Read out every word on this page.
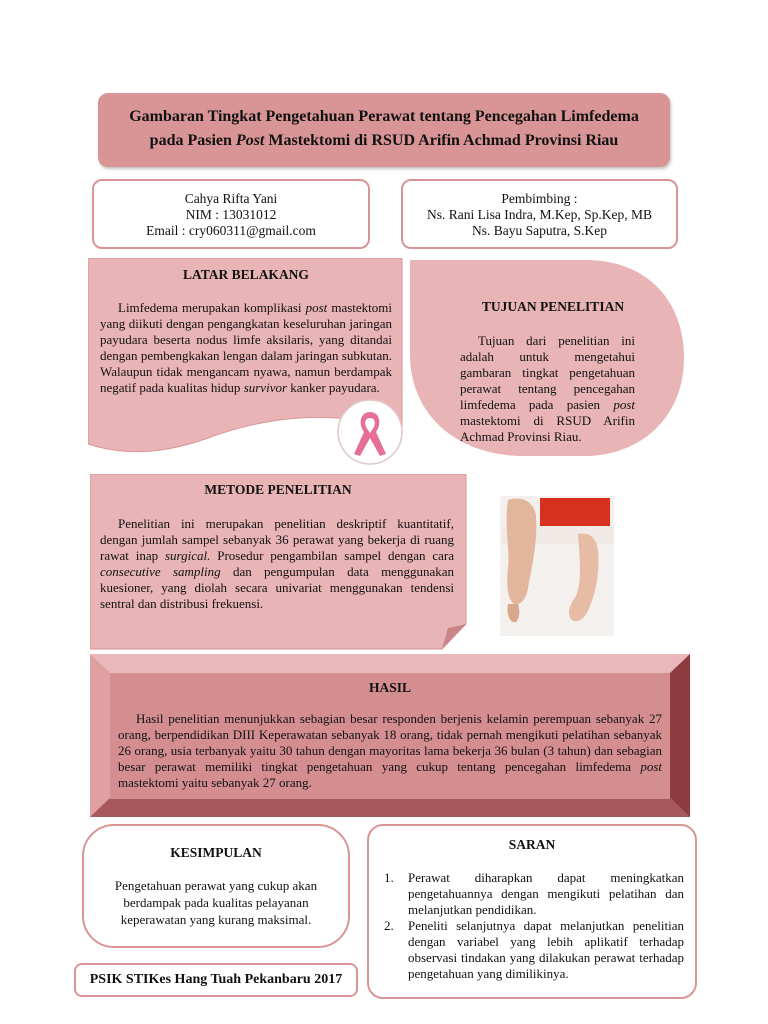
Gambaran Tingkat Pengetahuan Perawat tentang Pencegahan Limfedema
pada Pasien Post Mastektomi di RSUD Arifin Achmad Provinsi Riau
Cahya Rifta Yani
NIM : 13031012
Email : cry060311@gmail.com
Pembimbing :
Ns. Rani Lisa Indra, M.Kep, Sp.Kep, MB
Ns. Bayu Saputra, S.Kep
LATAR BELAKANG
Limfedema merupakan komplikasi post mastektomi yang diikuti dengan pengangkatan keseluruhan jaringan payudara beserta nodus limfe aksilaris, yang ditandai dengan pembengkakan lengan dalam jaringan subkutan. Walaupun tidak mengancam nyawa, namun berdampak negatif pada kualitas hidup survivor kanker payudara.
TUJUAN PENELITIAN
Tujuan dari penelitian ini adalah untuk mengetahui gambaran tingkat pengetahuan perawat tentang pencegahan limfedema pada pasien post mastektomi di RSUD Arifin Achmad Provinsi Riau.
METODE PENELITIAN
Penelitian ini merupakan penelitian deskriptif kuantitatif, dengan jumlah sampel sebanyak 36 perawat yang bekerja di ruang rawat inap surgical. Prosedur pengambilan sampel dengan cara consecutive sampling dan pengumpulan data menggunakan kuesioner, yang diolah secara univariat menggunakan tendensi sentral dan distribusi frekuensi.
HASIL
Hasil penelitian menunjukkan sebagian besar responden berjenis kelamin perempuan sebanyak 27 orang, berpendidikan DIII Keperawatan sebanyak 18 orang, tidak pernah mengikuti pelatihan sebanyak 26 orang, usia terbanyak yaitu 30 tahun dengan mayoritas lama bekerja 36 bulan (3 tahun) dan sebagian besar perawat memiliki tingkat pengetahuan yang cukup tentang pencegahan limfedema post mastektomi yaitu sebanyak 27 orang.
KESIMPULAN
Pengetahuan perawat yang cukup akan berdampak pada kualitas pelayanan keperawatan yang kurang maksimal.
SARAN
1.	Perawat diharapkan dapat meningkatkan pengetahuannya dengan mengikuti pelatihan dan melanjutkan pendidikan.
2.	Peneliti selanjutnya dapat melanjutkan penelitian dengan variabel yang lebih aplikatif terhadap observasi tindakan yang dilakukan perawat terhadap pengetahuan yang dimilikinya.
PSIK STIKes Hang Tuah Pekanbaru 2017
